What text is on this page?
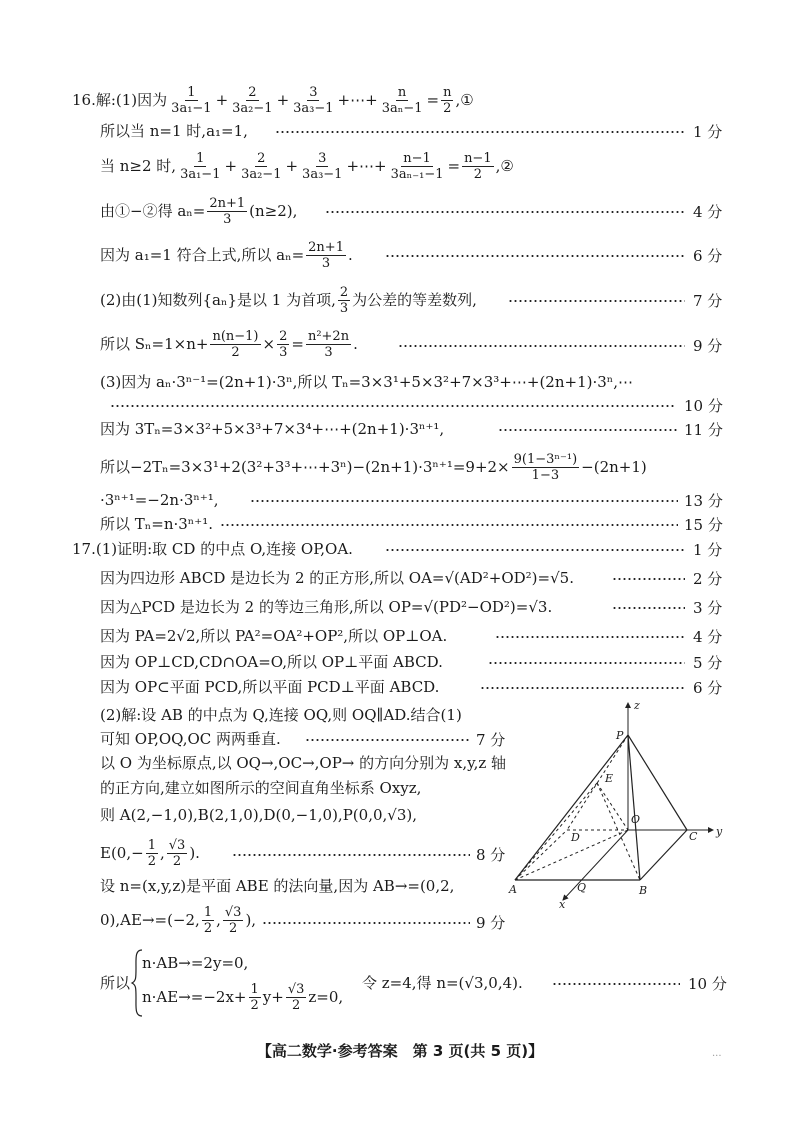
16.解:(1)因为 $\frac{1}{\text{3a₁−1}} + \frac{2}{\text{3a₂−1}} + \frac{3}{\text{3a₃−1}}$ +⋯+ $\frac{n}{\text{3aₙ−1}} = \frac{n}{2}$ ,①
所以当 n=1 时,a₁=1,	1 分
当 n≥2 时, $\frac{1}{\text{3a₁−1}} + \frac{2}{\text{3a₂−1}} + \frac{3}{\text{3a₃−1}}$ +⋯+ $\frac{n-1}{\text{3aₙ₋₁−1}} = \frac{n-1}{2}$ ,②
由①−②得 $a_n= \frac{2n+1}{3} (n\ge 2)$,	4 分
因为 a₁=1 符合上式,所以 $a_n= \frac{2n+1}{3}$ .	6 分
(2)由(1)知数列{aₙ}是以 1 为首项, $\frac{2}{3}$ 为公差的等差数列,	7 分
所以 $S_n=1\times n+ \frac{n(n-1)}{2} \times \frac{2}{3} = \frac{\text{n²+2n}}{3}$ .	9 分
(3)因为 aₙ·3ⁿ⁻¹=(2n+1)·3ⁿ,所以 Tₙ=3×3¹+5×3²+7×3³+⋯+(2n+1)·3ⁿ,⋯
10 分
因为 3Tₙ=3×3²+5×3³+7×3⁴+⋯+(2n+1)·3ⁿ⁺¹,	11 分
所以−2Tₙ=3×3¹+2(3²+3³+⋯+3ⁿ)−(2n+1)·3ⁿ⁺¹=9+2× $\frac{\text{9(1−3ⁿ⁻¹)}}{1-3} -(2n+1)$
·3ⁿ⁺¹=−2n·3ⁿ⁺¹,	13 分
所以 Tₙ=n·3ⁿ⁺¹.	15 分
17.(1)证明:取 CD 的中点 O,连接 OP,OA.	1 分
因为四边形 ABCD 是边长为 2 的正方形,所以 OA=√(AD²+OD²)=√5.	2 分
因为△PCD 是边长为 2 的等边三角形,所以 OP=√(PD²−OD²)=√3.	3 分
因为 PA=2√2,所以 PA²=OA²+OP²,所以 OP⊥OA.	4 分
因为 OP⊥CD,CD∩OA=O,所以 OP⊥平面 ABCD.	5 分
因为 OP⊂平面 PCD,所以平面 PCD⊥平面 ABCD.	6 分
(2)解:设 AB 的中点为 Q,连接 OQ,则 OQ∥AD.结合(1)
可知 OP,OQ,OC 两两垂直.	7 分
以 O 为坐标原点,以 OQ→,OC→,OP→ 的方向分别为 x,y,z 轴
的正方向,建立如图所示的空间直角坐标系 Oxyz,
则 A(2,−1,0),B(2,1,0),D(0,−1,0),P(0,0,√3),
$E(0,- \frac{1}{2}$ , $\frac{√3}{2}$ ).	8 分
设 n=(x,y,z)是平面 ABE 的法向量,因为 AB→=(0,2,
0),AE→=(−2, $\frac{1}{2}$ , $\frac{√3}{2}$ ),	9 分
所以
n·AB→=2y=0,
$n\cdot AE\to=-2x+ \frac{1}{2} y+ \frac{√3}{2} z=0$,
令 z=4,得 n=(√3,0,4).	10 分
z
y
x
P
E
D
O
C
A	Q	B
【高二数学·参考答案　第 3 页(共 5 页)】	...
